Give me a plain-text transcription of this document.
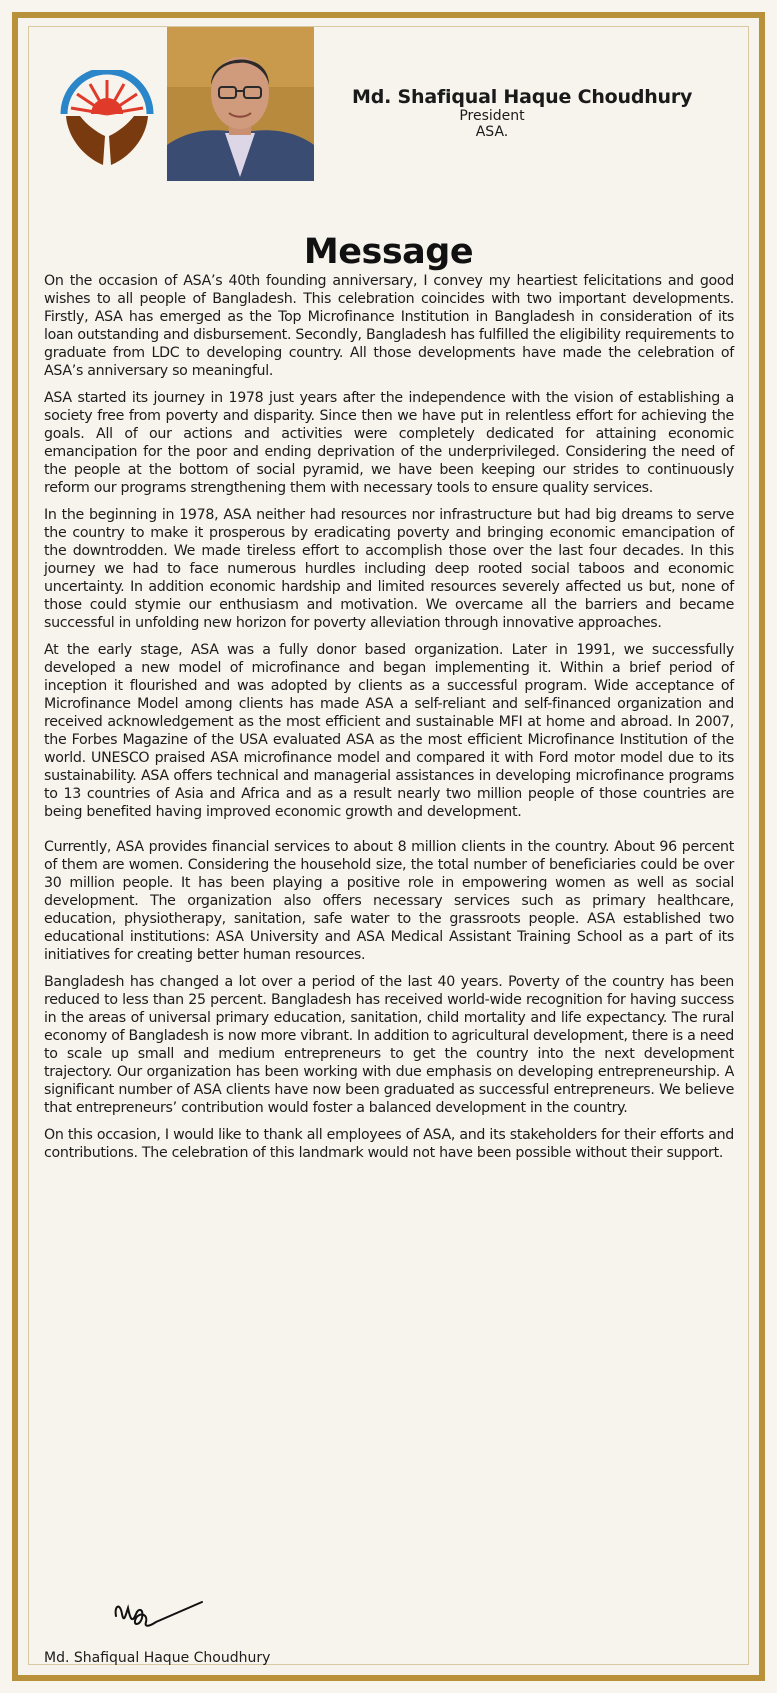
Md. Shafiqual Haque Choudhury
President
ASA.
Message

On the occasion of ASA’s 40th founding anniversary, I convey my heartiest felicitations and good wishes to all people of Bangladesh. This celebration coincides with two important developments. Firstly, ASA has emerged as the Top Microfinance Institution in Bangladesh in consideration of its loan outstanding and disbursement. Secondly, Bangladesh has fulfilled the eligibility requirements to graduate from LDC to developing country. All those developments have made the celebration of ASA’s anniversary so meaningful.

ASA started its journey in 1978 just years after the independence with the vision of establishing a society free from poverty and disparity. Since then we have put in relentless effort for achieving the goals. All of our actions and activities were completely dedicated for attaining economic emancipation for the poor and ending deprivation of the underprivileged. Considering the need of the people at the bottom of social pyramid, we have been keeping our strides to continuously reform our programs strengthening them with necessary tools to ensure quality services.

In the beginning in 1978, ASA neither had resources nor infrastructure but had big dreams to serve the country to make it prosperous by eradicating poverty and bringing economic emancipation of the downtrodden. We made tireless effort to accomplish those over the last four decades. In this journey we had to face numerous hurdles including deep rooted social taboos and economic uncertainty. In addition economic hardship and limited resources severely affected us but, none of those could stymie our enthusiasm and motivation. We overcame all the barriers and became successful in unfolding new horizon for poverty alleviation through innovative approaches.

At the early stage, ASA was a fully donor based organization. Later in 1991, we successfully developed a new model of microfinance and began implementing it. Within a brief period of inception it flourished and was adopted by clients as a successful program. Wide acceptance of Microfinance Model among clients has made ASA a self-reliant and self-financed organization and received acknowledgement as the most efficient and sustainable MFI at home and abroad. In 2007, the Forbes Magazine of the USA evaluated ASA as the most efficient Microfinance Institution of the world. UNESCO praised ASA microfinance model and compared it with Ford motor model due to its sustainability. ASA offers technical and managerial assistances in developing microfinance programs to 13 countries of Asia and Africa and as a result nearly two million people of those countries are being benefited having improved economic growth and development.

Currently, ASA provides financial services to about 8 million clients in the country. About 96 percent of them are women. Considering the household size, the total number of beneficiaries could be over 30 million people. It has been playing a positive role in empowering women as well as social development. The organization also offers necessary services such as primary healthcare, education, physiotherapy, sanitation, safe water to the grassroots people. ASA established two educational institutions: ASA University and ASA Medical Assistant Training School as a part of its initiatives for creating better human resources.

Bangladesh has changed a lot over a period of the last 40 years. Poverty of the country has been reduced to less than 25 percent. Bangladesh has received world-wide recognition for having success in the areas of universal primary education, sanitation, child mortality and life expectancy. The rural economy of Bangladesh is now more vibrant. In addition to agricultural development, there is a need to scale up small and medium entrepreneurs to get the country into the next development trajectory. Our organization has been working with due emphasis on developing entrepreneurship. A significant number of ASA clients have now been graduated as successful entrepreneurs. We believe that entrepreneurs’ contribution would foster a balanced development in the country.

On this occasion, I would like to thank all employees of ASA, and its stakeholders for their efforts and contributions. The celebration of this landmark would not have been possible without their support.

Md. Shafiqual Haque Choudhury
